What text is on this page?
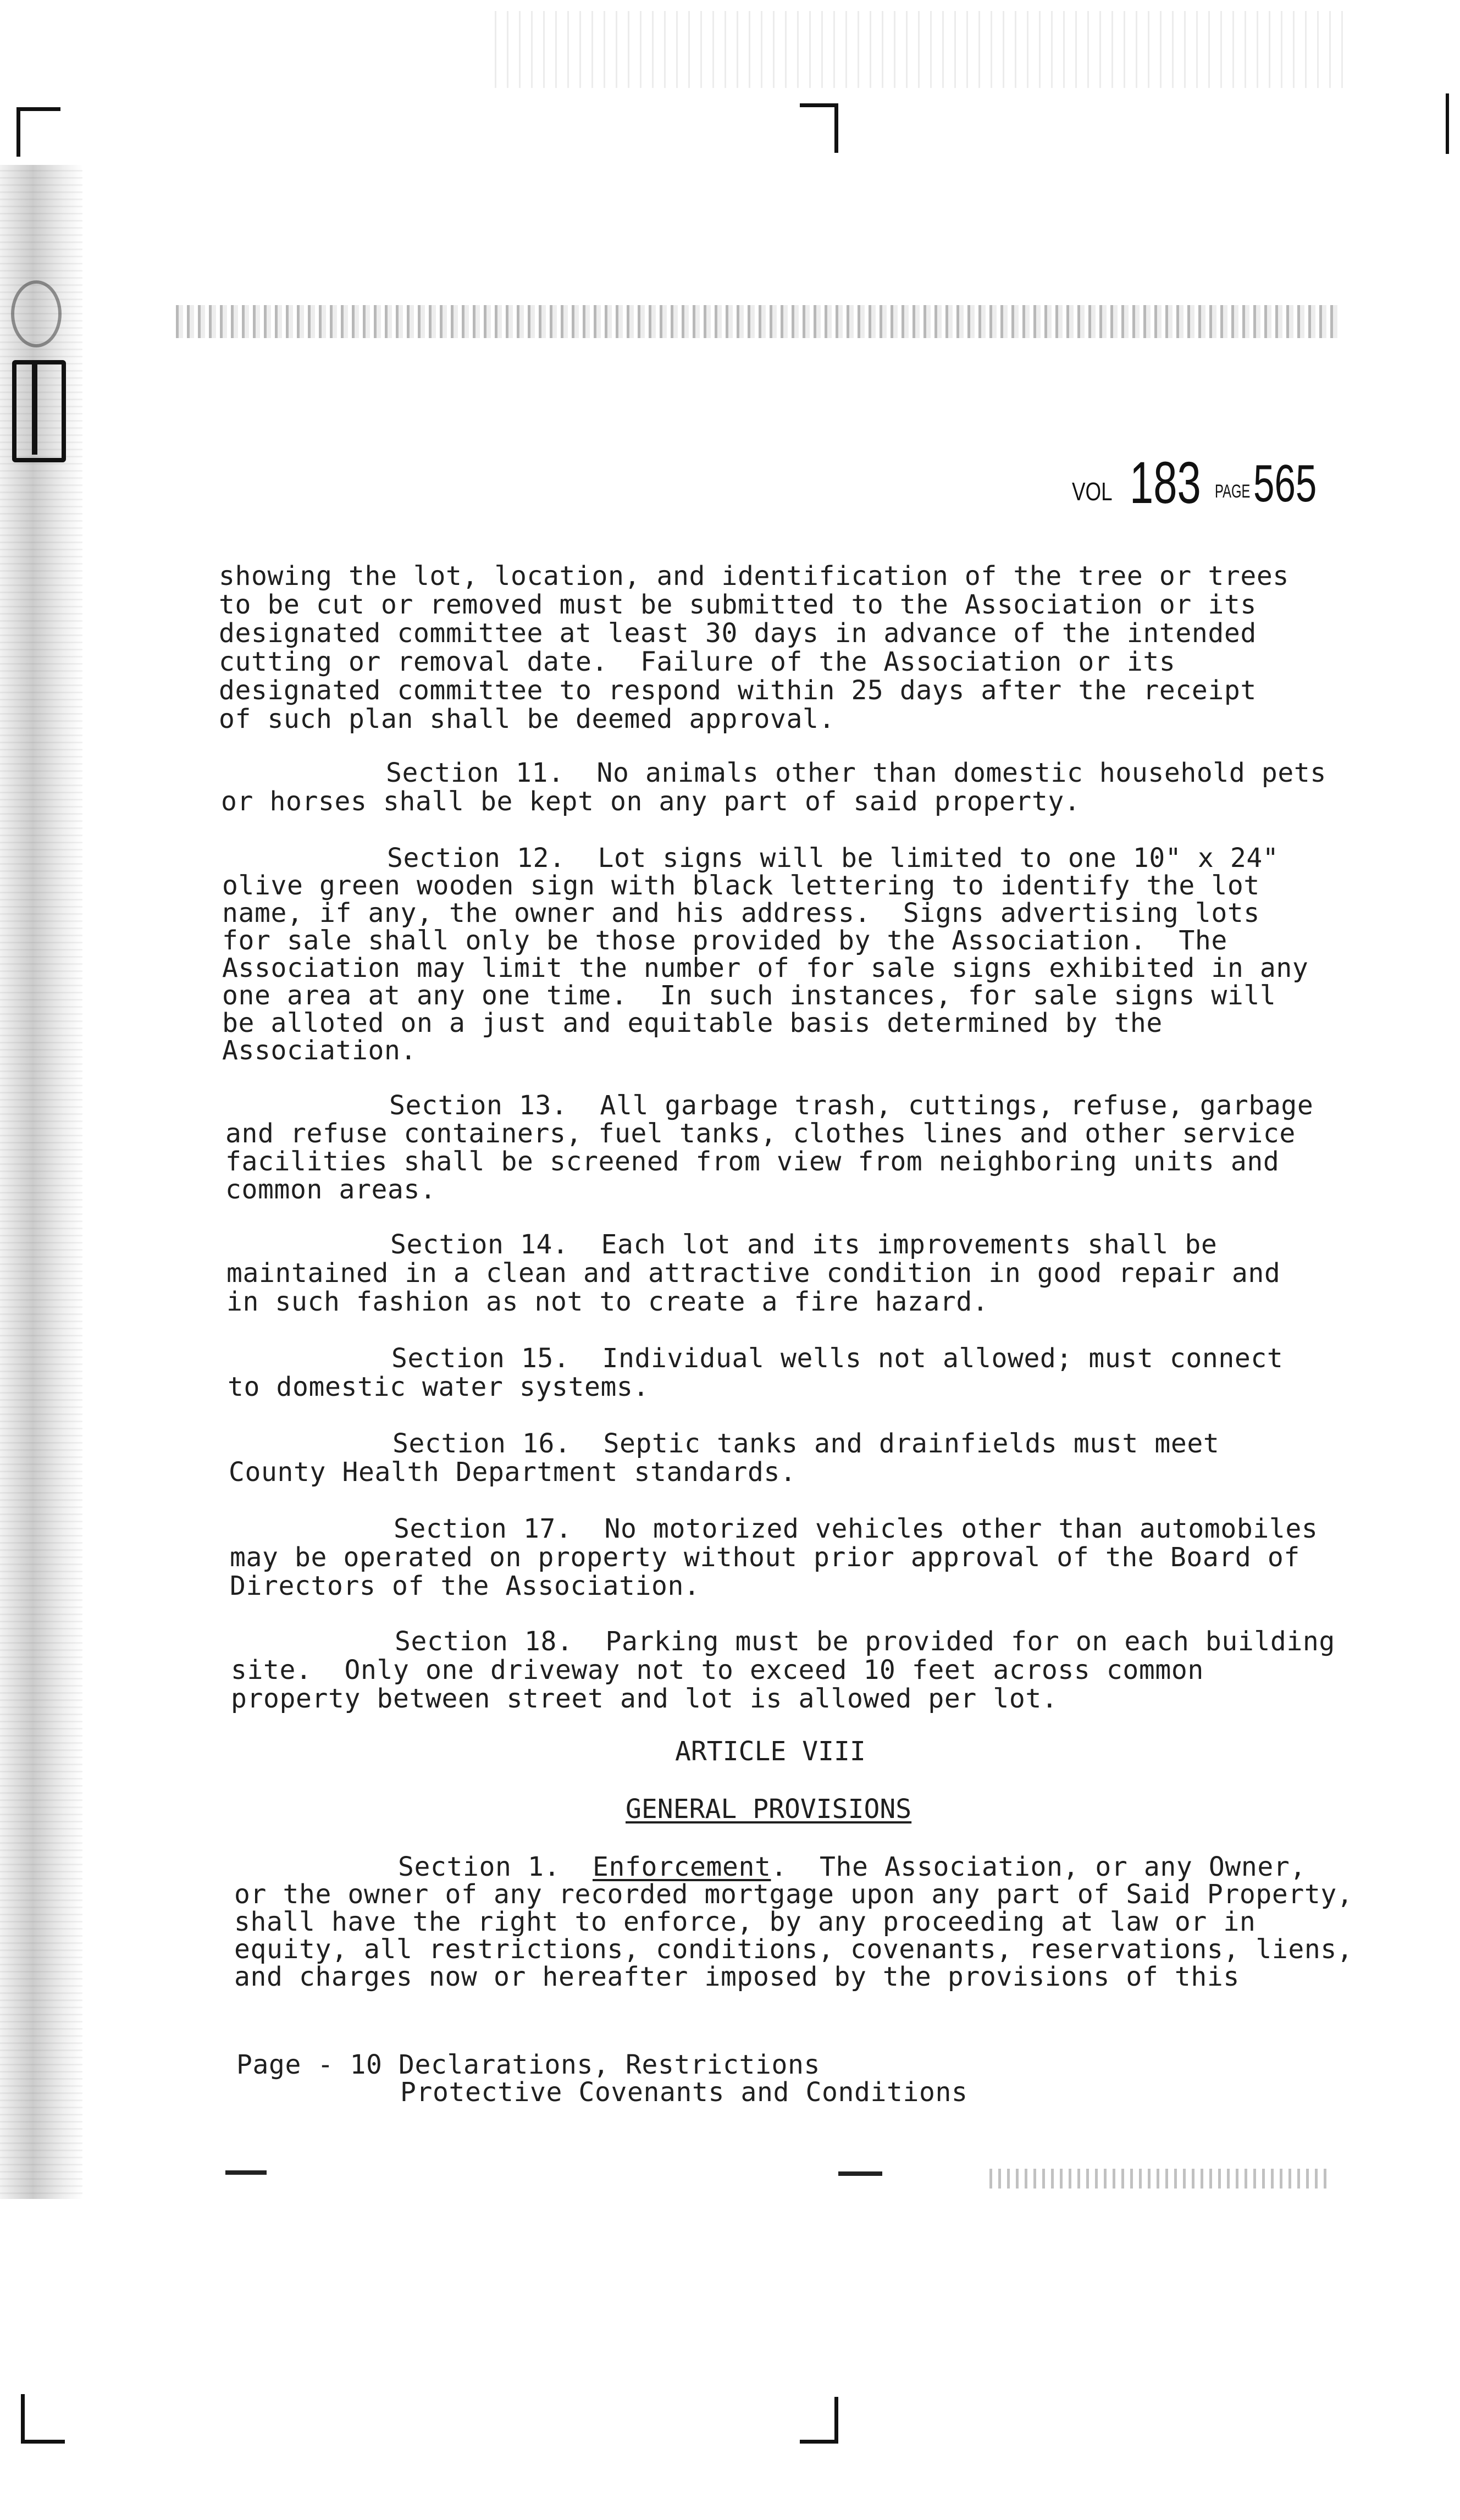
VOL 183 PAGE 565
showing the lot, location, and identification of the tree or trees
to be cut or removed must be submitted to the Association or its
designated committee at least 30 days in advance of the intended
cutting or removal date.  Failure of the Association or its
designated committee to respond within 25 days after the receipt
of such plan shall be deemed approval.
Section 11.  No animals other than domestic household pets
or horses shall be kept on any part of said property.
Section 12.  Lot signs will be limited to one 10" x 24"
olive green wooden sign with black lettering to identify the lot
name, if any, the owner and his address.  Signs advertising lots
for sale shall only be those provided by the Association.  The
Association may limit the number of for sale signs exhibited in any
one area at any one time.  In such instances, for sale signs will
be alloted on a just and equitable basis determined by the
Association.
Section 13.  All garbage trash, cuttings, refuse, garbage
and refuse containers, fuel tanks, clothes lines and other service
facilities shall be screened from view from neighboring units and
common areas.
Section 14.  Each lot and its improvements shall be
maintained in a clean and attractive condition in good repair and
in such fashion as not to create a fire hazard.
Section 15.  Individual wells not allowed; must connect
to domestic water systems.
Section 16.  Septic tanks and drainfields must meet
County Health Department standards.
Section 17.  No motorized vehicles other than automobiles
may be operated on property without prior approval of the Board of
Directors of the Association.
Section 18.  Parking must be provided for on each building
site.  Only one driveway not to exceed 10 feet across common
property between street and lot is allowed per lot.
ARTICLE VIII
GENERAL PROVISIONS
Section 1.  Enforcement.  The Association, or any Owner,
or the owner of any recorded mortgage upon any part of Said Property,
shall have the right to enforce, by any proceeding at law or in
equity, all restrictions, conditions, covenants, reservations, liens,
and charges now or hereafter imposed by the provisions of this
Page - 10 Declarations, Restrictions
Protective Covenants and Conditions
